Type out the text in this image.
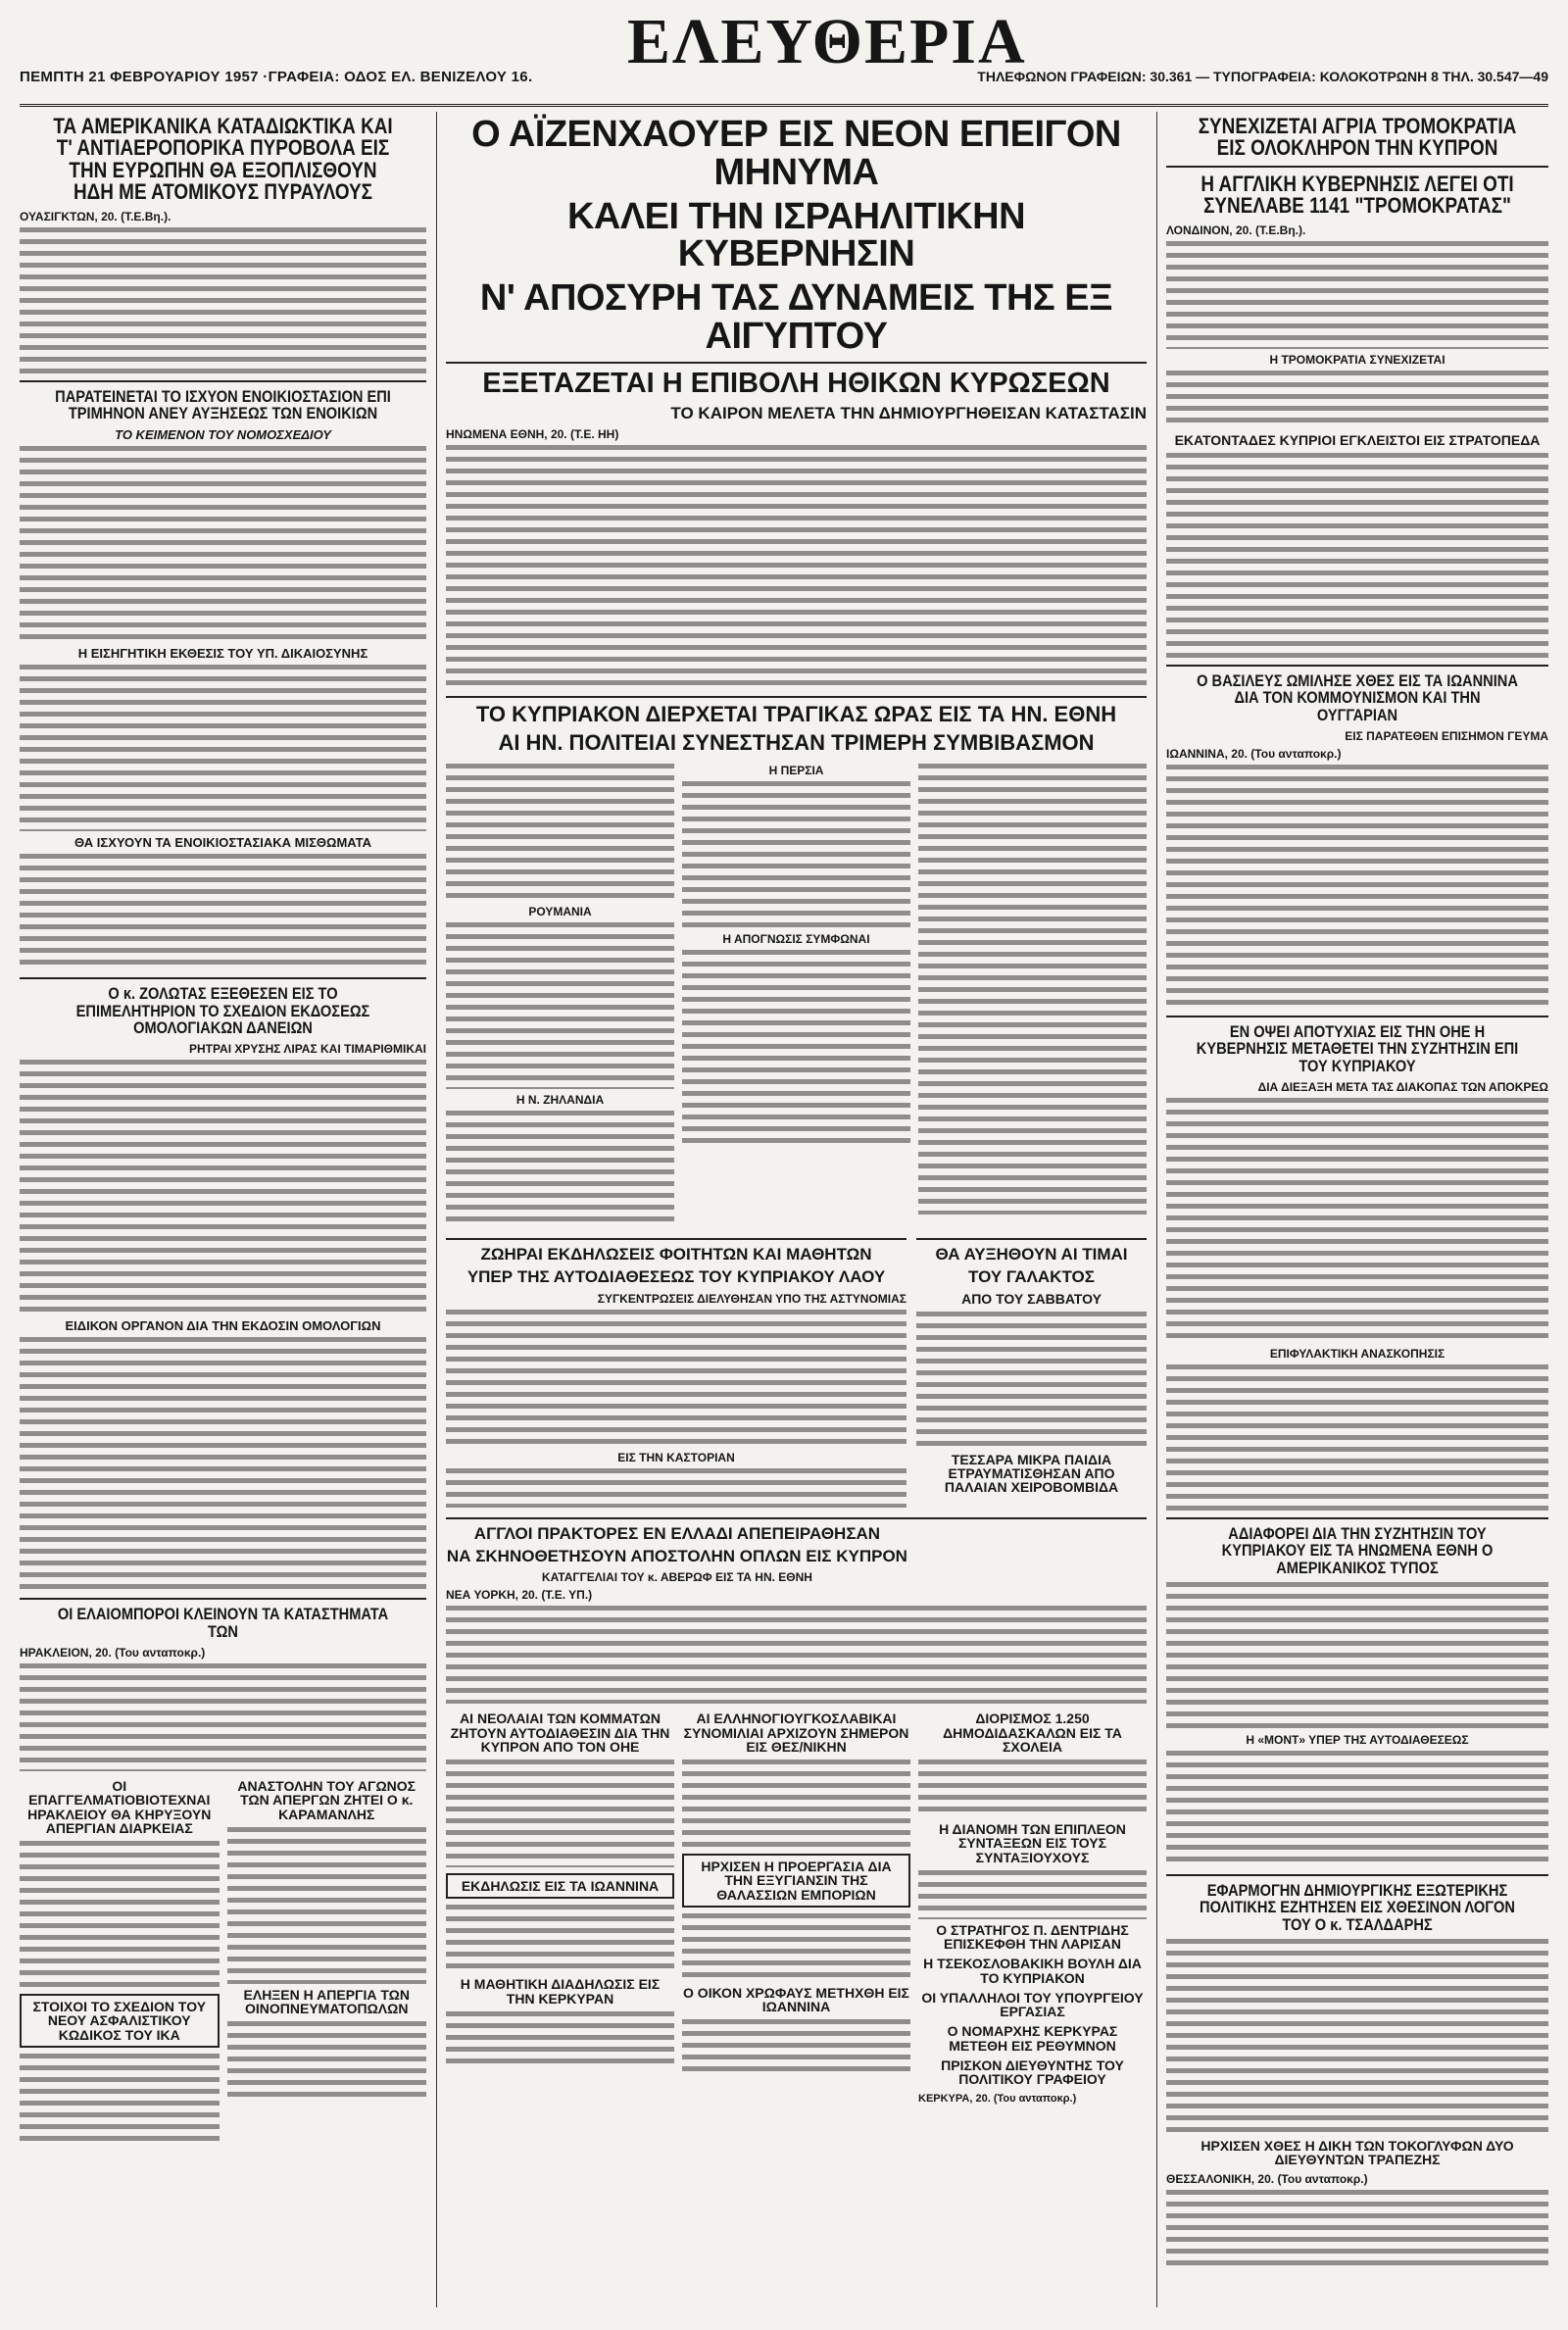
ΠΕΜΠΤΗ 21 ΦΕΒΡΟΥΑΡΙΟΥ 1957 ·ΓΡΑΦΕΙΑ: ΟΔΟΣ ΕΛ. ΒΕΝΙΖΕΛΟΥ 16.	ΕΛΕΥΘΕΡΙΑ
ΤΗΛΕΦΩΝΟΝ ΓΡΑΦΕΙΩΝ: 30.361 — ΤΥΠΟΓΡΑΦΕΙΑ: ΚΟΛΟΚΟΤΡΩΝΗ 8 ΤΗΛ. 30.547—49
ΤΑ ΑΜΕΡΙΚΑΝΙΚΑ ΚΑΤΑΔΙΩΚΤΙΚΑ ΚΑΙ Τ' ΑΝΤΙΑΕΡΟΠΟΡΙΚΑ ΠΥΡΟΒΟΛΑ ΕΙΣ ΤΗΝ ΕΥΡΩΠΗΝ ΘΑ ΕΞΟΠΛΙΣΘΟΥΝ ΗΔΗ ΜΕ ΑΤΟΜΙΚΟΥΣ ΠΥΡΑΥΛΟΥΣ
ΟΥΑΣΙΓΚΤΩΝ, 20. (Τ.Ε.Βη.).
ΠΑΡΑΤΕΙΝΕΤΑΙ ΤΟ ΙΣΧΥΟΝ ΕΝΟΙΚΙΟΣΤΑΣΙΟΝ ΕΠΙ ΤΡΙΜΗΝΟΝ ΑΝΕΥ ΑΥΞΗΣΕΩΣ ΤΩΝ ΕΝΟΙΚΙΩΝ
ΤΟ ΚΕΙΜΕΝΟΝ ΤΟΥ ΝΟΜΟΣΧΕΔΙΟΥ
Η ΕΙΣΗΓΗΤΙΚΗ ΕΚΘΕΣΙΣ ΤΟΥ ΥΠ. ΔΙΚΑΙΟΣΥΝΗΣ
ΘΑ ΙΣΧΥΟΥΝ ΤΑ ΕΝΟΙΚΙΟΣΤΑΣΙΑΚΑ ΜΙΣΘΩΜΑΤΑ
Ο κ. ΖΟΛΩΤΑΣ ΕΞΕΘΕΣΕΝ ΕΙΣ ΤΟ ΕΠΙΜΕΛΗΤΗΡΙΟΝ ΤΟ ΣΧΕΔΙΟΝ ΕΚΔΟΣΕΩΣ ΟΜΟΛΟΓΙΑΚΩΝ ΔΑΝΕΙΩΝ
ΡΗΤΡΑΙ ΧΡΥΣΗΣ ΛΙΡΑΣ ΚΑΙ ΤΙΜΑΡΙΘΜΙΚΑΙ
ΕΙΔΙΚΟΝ ΟΡΓΑΝΟΝ ΔΙΑ ΤΗΝ ΕΚΔΟΣΙΝ ΟΜΟΛΟΓΙΩΝ
ΟΙ ΕΛΑΙΟΜΠΟΡΟΙ ΚΛΕΙΝΟΥΝ ΤΑ ΚΑΤΑΣΤΗΜΑΤΑ ΤΩΝ
ΗΡΑΚΛΕΙΟΝ, 20. (Του ανταποκρ.)
ΟΙ ΕΠΑΓΓΕΛΜΑΤΙΟΒΙΟΤΕΧΝΑΙ ΗΡΑΚΛΕΙΟΥ ΘΑ ΚΗΡΥΞΟΥΝ ΑΠΕΡΓΙΑΝ ΔΙΑΡΚΕΙΑΣ
ΣΤΟΙΧΟΙ ΤΟ ΣΧΕΔΙΟΝ ΤΟΥ ΝΕΟΥ ΑΣΦΑΛΙΣΤΙΚΟΥ ΚΩΔΙΚΟΣ ΤΟΥ ΙΚΑ
ΑΝΑΣΤΟΛΗΝ ΤΟΥ ΑΓΩΝΟΣ ΤΩΝ ΑΠΕΡΓΩΝ ΖΗΤΕΙ Ο κ. ΚΑΡΑΜΑΝΛΗΣ
ΕΛΗΞΕΝ Η ΑΠΕΡΓΙΑ ΤΩΝ ΟΙΝΟΠΝΕΥΜΑΤΟΠΩΛΩΝ
Ο ΑΪΖΕΝΧΑΟΥΕΡ ΕΙΣ ΝΕΟΝ ΕΠΕΙΓΟΝ ΜΗΝΥΜΑ
ΚΑΛΕΙ ΤΗΝ ΙΣΡΑΗΛΙΤΙΚΗΝ ΚΥΒΕΡΝΗΣΙΝ
Ν' ΑΠΟΣΥΡΗ ΤΑΣ ΔΥΝΑΜΕΙΣ ΤΗΣ ΕΞ ΑΙΓΥΠΤΟΥ
ΕΞΕΤΑΖΕΤΑΙ Η ΕΠΙΒΟΛΗ ΗΘΙΚΩΝ ΚΥΡΩΣΕΩΝ
ΤΟ ΚΑΙΡΟΝ ΜΕΛΕΤΑ ΤΗΝ ΔΗΜΙΟΥΡΓΗΘΕΙΣΑΝ ΚΑΤΑΣΤΑΣΙΝ
ΗΝΩΜΕΝΑ ΕΘΝΗ, 20. (Τ.Ε. ΗΗ)
ΤΟ ΚΥΠΡΙΑΚΟΝ ΔΙΕΡΧΕΤΑΙ ΤΡΑΓΙΚΑΣ ΩΡΑΣ ΕΙΣ ΤΑ ΗΝ. ΕΘΝΗ
ΑΙ ΗΝ. ΠΟΛΙΤΕΙΑΙ ΣΥΝΕΣΤΗΣΑΝ ΤΡΙΜΕΡΗ ΣΥΜΒΙΒΑΣΜΟΝ
ΡΟΥΜΑΝΙΑ
Η Ν. ΖΗΛΑΝΔΙΑ
Η ΠΕΡΣΙΑ
Η ΑΠΟΓΝΩΣΙΣ ΣΥΜΦΩΝΑΙ
ΖΩΗΡΑΙ ΕΚΔΗΛΩΣΕΙΣ ΦΟΙΤΗΤΩΝ ΚΑΙ ΜΑΘΗΤΩΝ
ΥΠΕΡ ΤΗΣ ΑΥΤΟΔΙΑΘΕΣΕΩΣ ΤΟΥ ΚΥΠΡΙΑΚΟΥ ΛΑΟΥ
ΣΥΓΚΕΝΤΡΩΣΕΙΣ ΔΙΕΛΥΘΗΣΑΝ ΥΠΟ ΤΗΣ ΑΣΤΥΝΟΜΙΑΣ
ΕΙΣ ΤΗΝ ΚΑΣΤΟΡΙΑΝ
ΘΑ ΑΥΞΗΘΟΥΝ ΑΙ ΤΙΜΑΙ
ΤΟΥ ΓΑΛΑΚΤΟΣ
ΑΠΟ ΤΟΥ ΣΑΒΒΑΤΟΥ
ΤΕΣΣΑΡΑ ΜΙΚΡΑ ΠΑΙΔΙΑ ΕΤΡΑΥΜΑΤΙΣΘΗΣΑΝ ΑΠΟ ΠΑΛΑΙΑΝ ΧΕΙΡΟΒΟΜΒΙΔΑ
ΑΓΓΛΟΙ ΠΡΑΚΤΟΡΕΣ ΕΝ ΕΛΛΑΔΙ ΑΠΕΠΕΙΡΑΘΗΣΑΝ
ΝΑ ΣΚΗΝΟΘΕΤΗΣΟΥΝ ΑΠΟΣΤΟΛΗΝ ΟΠΛΩΝ ΕΙΣ ΚΥΠΡΟΝ
ΚΑΤΑΓΓΕΛΙΑΙ ΤΟΥ κ. ΑΒΕΡΩΦ ΕΙΣ ΤΑ ΗΝ. ΕΘΝΗ
ΝΕΑ ΥΟΡΚΗ, 20. (Τ.Ε. ΥΠ.)
ΑΙ ΝΕΟΛΑΙΑΙ ΤΩΝ ΚΟΜΜΑΤΩΝ ΖΗΤΟΥΝ ΑΥΤΟΔΙΑΘΕΣΙΝ ΔΙΑ ΤΗΝ ΚΥΠΡΟΝ ΑΠΟ ΤΟΝ ΟΗΕ
ΕΚΔΗΛΩΣΙΣ ΕΙΣ ΤΑ ΙΩΑΝΝΙΝΑ
Η ΜΑΘΗΤΙΚΗ ΔΙΑΔΗΛΩΣΙΣ ΕΙΣ ΤΗΝ ΚΕΡΚΥΡΑΝ
ΑΙ ΕΛΛΗΝΟΓΙΟΥΓΚΟΣΛΑΒΙΚΑΙ ΣΥΝΟΜΙΛΙΑΙ ΑΡΧΙΖΟΥΝ ΣΗΜΕΡΟΝ ΕΙΣ ΘΕΣ/ΝΙΚΗΝ
ΗΡΧΙΣΕΝ Η ΠΡΟΕΡΓΑΣΙΑ ΔΙΑ ΤΗΝ ΕΞΥΓΙΑΝΣΙΝ ΤΗΣ ΘΑΛΑΣΣΙΩΝ ΕΜΠΟΡΙΩΝ
Ο ΟΙΚΟΝ ΧΡΩΦΑΥΣ ΜΕΤΗΧΘΗ ΕΙΣ ΙΩΑΝΝΙΝΑ
ΔΙΟΡΙΣΜΟΣ 1.250 ΔΗΜΟΔΙΔΑΣΚΑΛΩΝ ΕΙΣ ΤΑ ΣΧΟΛΕΙΑ
Η ΔΙΑΝΟΜΗ ΤΩΝ ΕΠΙΠΛΕΟΝ ΣΥΝΤΑΞΕΩΝ ΕΙΣ ΤΟΥΣ ΣΥΝΤΑΞΙΟΥΧΟΥΣ
Ο ΣΤΡΑΤΗΓΟΣ Π. ΔΕΝΤΡΙΔΗΣ ΕΠΙΣΚΕΦΘΗ ΤΗΝ ΛΑΡΙΣΑΝ
Η ΤΣΕΚΟΣΛΟΒΑΚΙΚΗ ΒΟΥΛΗ ΔΙΑ ΤΟ ΚΥΠΡΙΑΚΟΝ
ΟΙ ΥΠΑΛΛΗΛΟΙ ΤΟΥ ΥΠΟΥΡΓΕΙΟΥ ΕΡΓΑΣΙΑΣ
Ο ΝΟΜΑΡΧΗΣ ΚΕΡΚΥΡΑΣ ΜΕΤΕΘΗ ΕΙΣ ΡΕΘΥΜΝΟΝ
ΠΡΙΣΚΟΝ ΔΙΕΥΘΥΝΤΗΣ ΤΟΥ ΠΟΛΙΤΙΚΟΥ ΓΡΑΦΕΙΟΥ
ΚΕΡΚΥΡΑ, 20. (Του ανταποκρ.)
ΣΥΝΕΧΙΖΕΤΑΙ ΑΓΡΙΑ ΤΡΟΜΟΚΡΑΤΙΑ ΕΙΣ ΟΛΟΚΛΗΡΟΝ ΤΗΝ ΚΥΠΡΟΝ
Η ΑΓΓΛΙΚΗ ΚΥΒΕΡΝΗΣΙΣ ΛΕΓΕΙ ΟΤΙ ΣΥΝΕΛΑΒΕ 1141 "ΤΡΟΜΟΚΡΑΤΑΣ"
ΛΟΝΔΙΝΟΝ, 20. (Τ.Ε.Βη.).
Η ΤΡΟΜΟΚΡΑΤΙΑ ΣΥΝΕΧΙΖΕΤΑΙ
ΕΚΑΤΟΝΤΑΔΕΣ ΚΥΠΡΙΟΙ ΕΓΚΛΕΙΣΤΟΙ ΕΙΣ ΣΤΡΑΤΟΠΕΔΑ
Ο ΒΑΣΙΛΕΥΣ ΩΜΙΛΗΣΕ ΧΘΕΣ ΕΙΣ ΤΑ ΙΩΑΝΝΙΝΑ ΔΙΑ ΤΟΝ ΚΟΜΜΟΥΝΙΣΜΟΝ ΚΑΙ ΤΗΝ ΟΥΓΓΑΡΙΑΝ
ΕΙΣ ΠΑΡΑΤΕΘΕΝ ΕΠΙΣΗΜΟΝ ΓΕΥΜΑ
ΙΩΑΝΝΙΝΑ, 20. (Του ανταποκρ.)
ΕΝ ΟΨΕΙ ΑΠΟΤΥΧΙΑΣ ΕΙΣ ΤΗΝ ΟΗΕ Η ΚΥΒΕΡΝΗΣΙΣ ΜΕΤΑΘΕΤΕΙ ΤΗΝ ΣΥΖΗΤΗΣΙΝ ΕΠΙ ΤΟΥ ΚΥΠΡΙΑΚΟΥ
ΔΙΑ ΔΙΕΞΑΞΗ ΜΕΤΑ ΤΑΣ ΔΙΑΚΟΠΑΣ ΤΩΝ ΑΠΟΚΡΕΩ
ΕΠΙΦΥΛΑΚΤΙΚΗ ΑΝΑΣΚΟΠΗΣΙΣ
ΑΔΙΑΦΟΡΕΙ ΔΙΑ ΤΗΝ ΣΥΖΗΤΗΣΙΝ ΤΟΥ ΚΥΠΡΙΑΚΟΥ ΕΙΣ ΤΑ ΗΝΩΜΕΝΑ ΕΘΝΗ Ο ΑΜΕΡΙΚΑΝΙΚΟΣ ΤΥΠΟΣ
Η «ΜΟΝΤ» ΥΠΕΡ ΤΗΣ ΑΥΤΟΔΙΑΘΕΣΕΩΣ
ΕΦΑΡΜΟΓΗΝ ΔΗΜΙΟΥΡΓΙΚΗΣ ΕΞΩΤΕΡΙΚΗΣ ΠΟΛΙΤΙΚΗΣ ΕΖΗΤΗΣΕΝ ΕΙΣ ΧΘΕΣΙΝΟΝ ΛΟΓΟΝ ΤΟΥ Ο κ. ΤΣΑΛΔΑΡΗΣ
ΗΡΧΙΣΕΝ ΧΘΕΣ Η ΔΙΚΗ ΤΩΝ ΤΟΚΟΓΛΥΦΩΝ ΔΥΟ ΔΙΕΥΘΥΝΤΩΝ ΤΡΑΠΕΖΗΣ
ΘΕΣΣΑΛΟΝΙΚΗ, 20. (Του ανταποκρ.)
